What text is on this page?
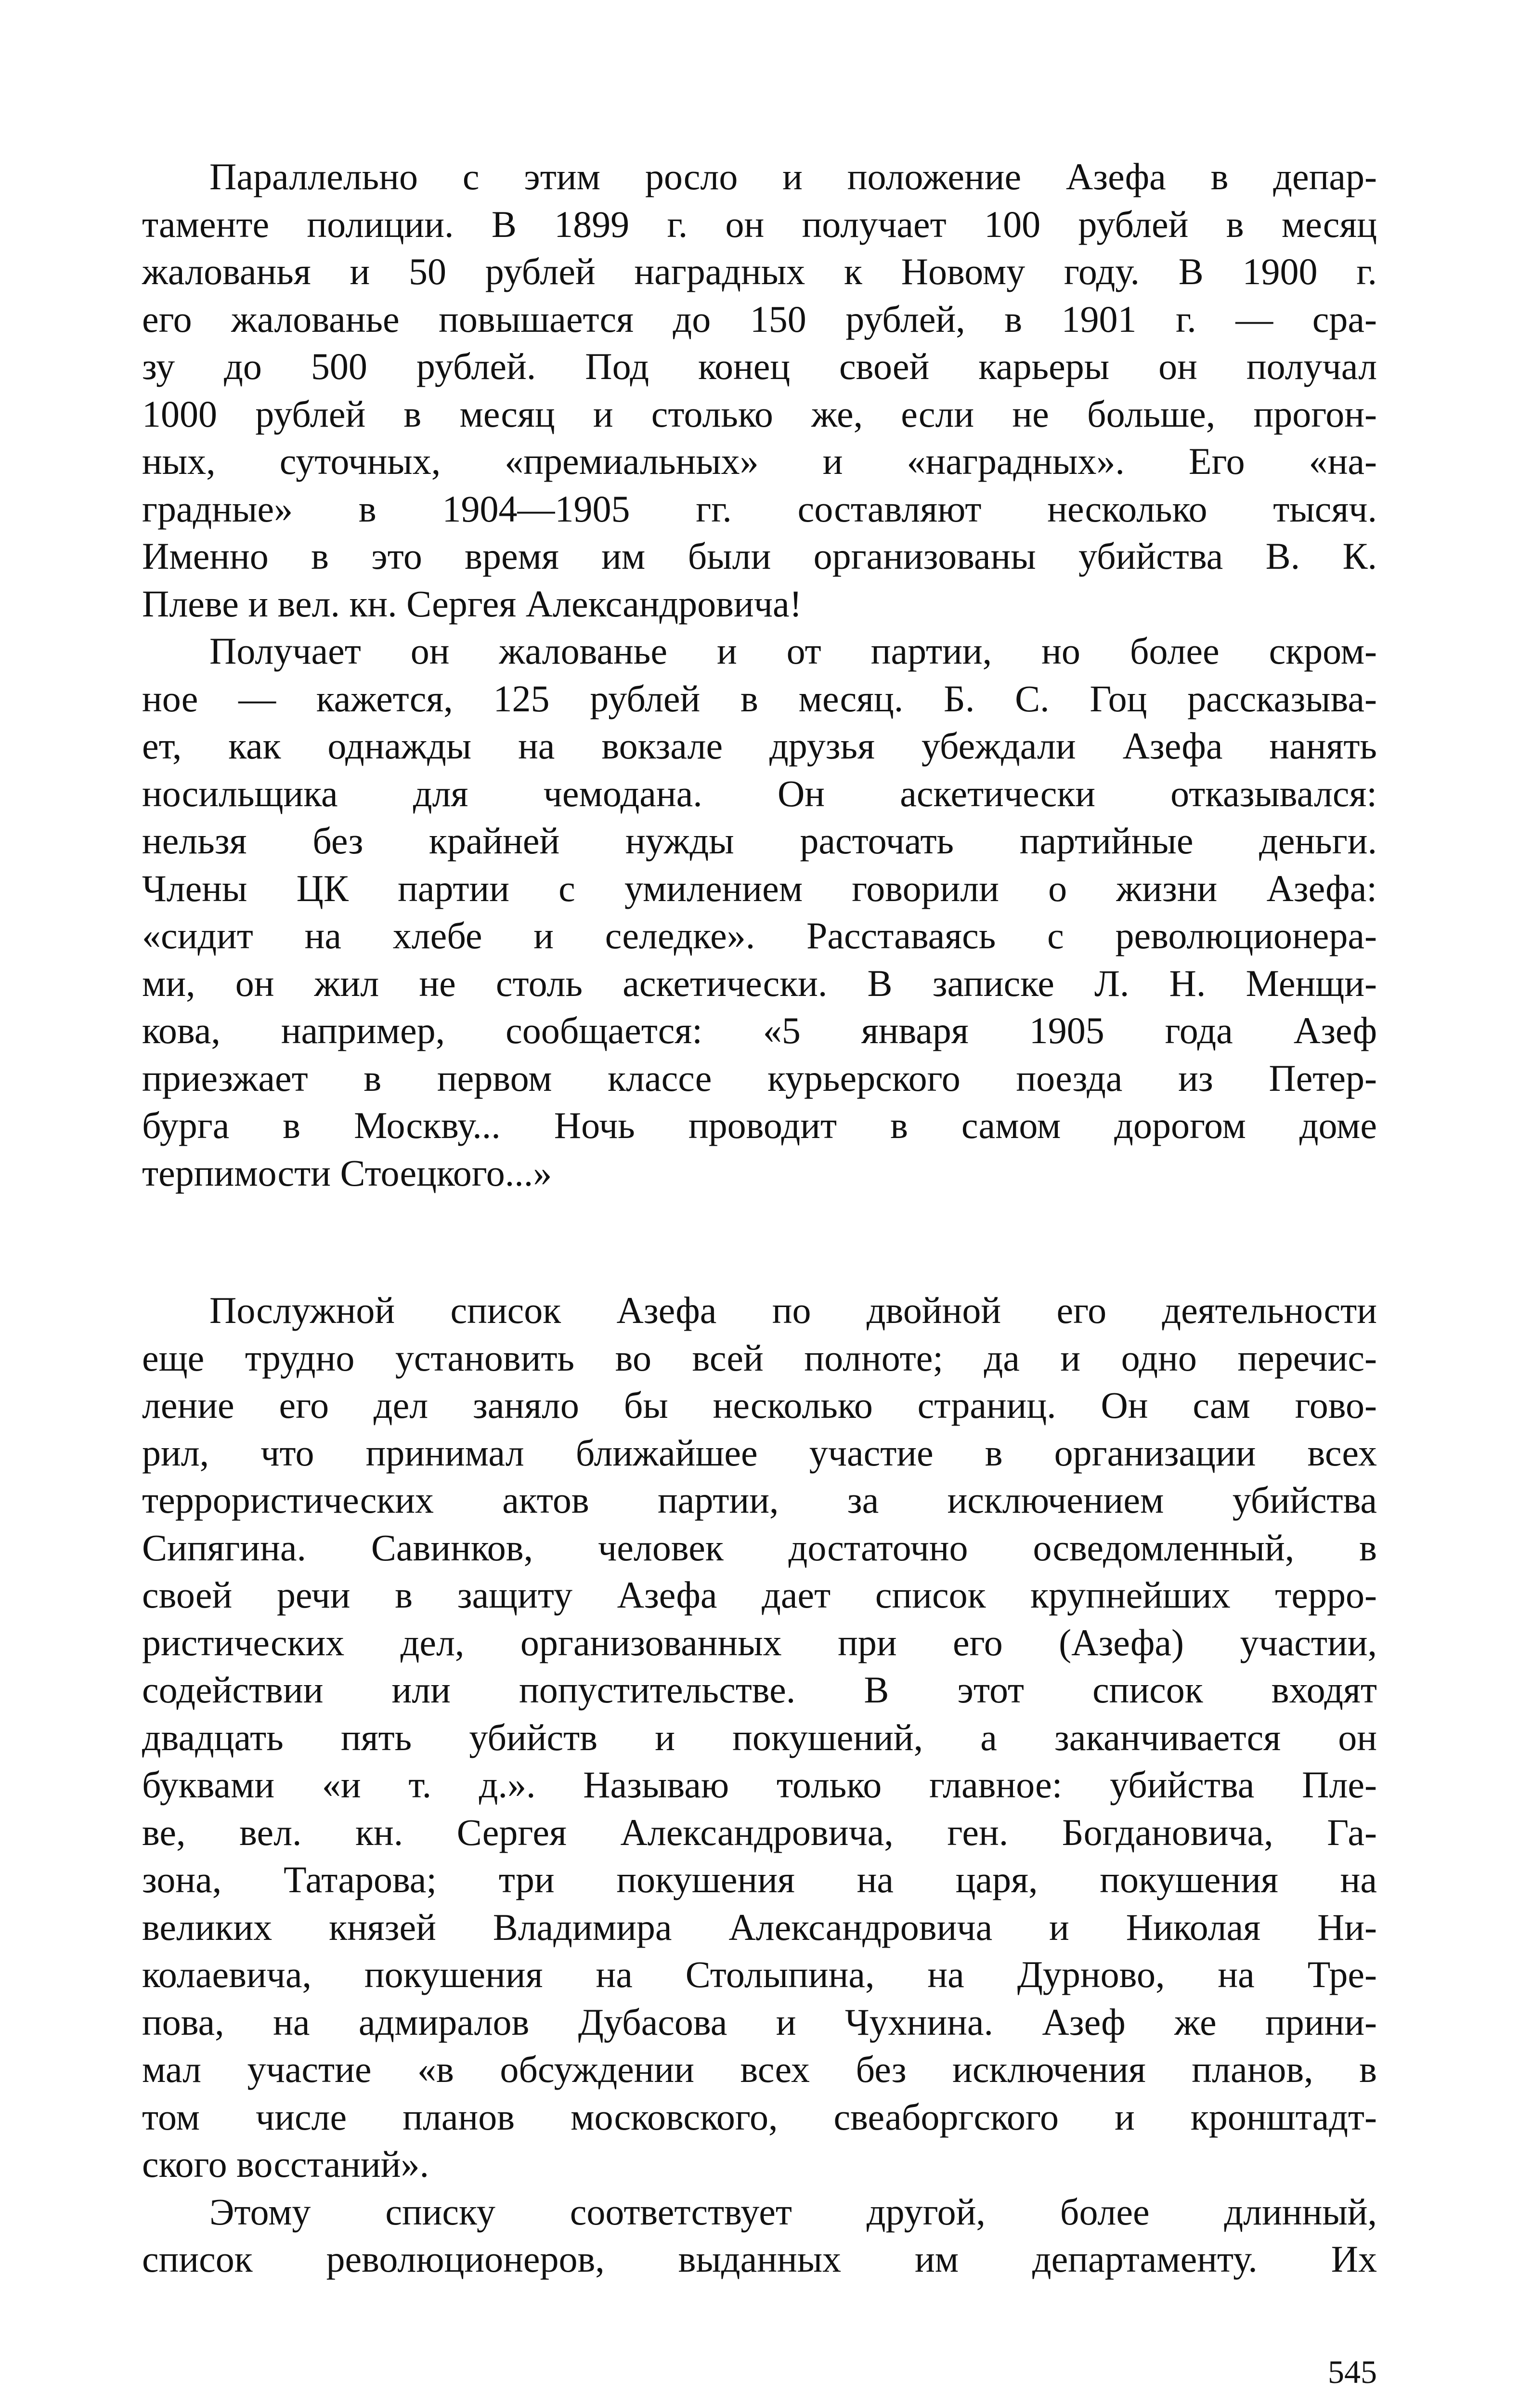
Параллельно с этим росло и положение Азефа в депар-
таменте полиции. В 1899 г. он получает 100 рублей в месяц
жалованья и 50 рублей наградных к Новому году. В 1900 г.
его жалованье повышается до 150 рублей, в 1901 г. — сра-
зу до 500 рублей. Под конец своей карьеры он получал
1000 рублей в месяц и столько же, если не больше, прогон-
ных, суточных, «премиальных» и «наградных». Его «на-
градные» в 1904—1905 гг. составляют несколько тысяч.
Именно в это время им были организованы убийства В. К.
Плеве и вел. кн. Сергея Александровича!
Получает он жалованье и от партии, но более скром-
ное — кажется, 125 рублей в месяц. Б. С. Гоц рассказыва-
ет, как однажды на вокзале друзья убеждали Азефа нанять
носильщика для чемодана. Он аскетически отказывался:
нельзя без крайней нужды расточать партийные деньги.
Члены ЦК партии с умилением говорили о жизни Азефа:
«сидит на хлебе и селедке». Расставаясь с революционера-
ми, он жил не столь аскетически. В записке Л. Н. Менщи-
кова, например, сообщается: «5 января 1905 года Азеф
приезжает в первом классе курьерского поезда из Петер-
бурга в Москву... Ночь проводит в самом дорогом доме
терпимости Стоецкого...»
Послужной список Азефа по двойной его деятельности
еще трудно установить во всей полноте; да и одно перечис-
ление его дел заняло бы несколько страниц. Он сам гово-
рил, что принимал ближайшее участие в организации всех
террористических актов партии, за исключением убийства
Сипягина. Савинков, человек достаточно осведомленный, в
своей речи в защиту Азефа дает список крупнейших терро-
ристических дел, организованных при его (Азефа) участии,
содействии или попустительстве. В этот список входят
двадцать пять убийств и покушений, а заканчивается он
буквами «и т. д.». Называю только главное: убийства Пле-
ве, вел. кн. Сергея Александровича, ген. Богдановича, Га-
зона, Татарова; три покушения на царя, покушения на
великих князей Владимира Александровича и Николая Ни-
колаевича, покушения на Столыпина, на Дурново, на Тре-
пова, на адмиралов Дубасова и Чухнина. Азеф же прини-
мал участие «в обсуждении всех без исключения планов, в
том числе планов московского, свеаборгского и кронштадт-
ского восстаний».
Этому списку соответствует другой, более длинный,
список революционеров, выданных им департаменту. Их
545
